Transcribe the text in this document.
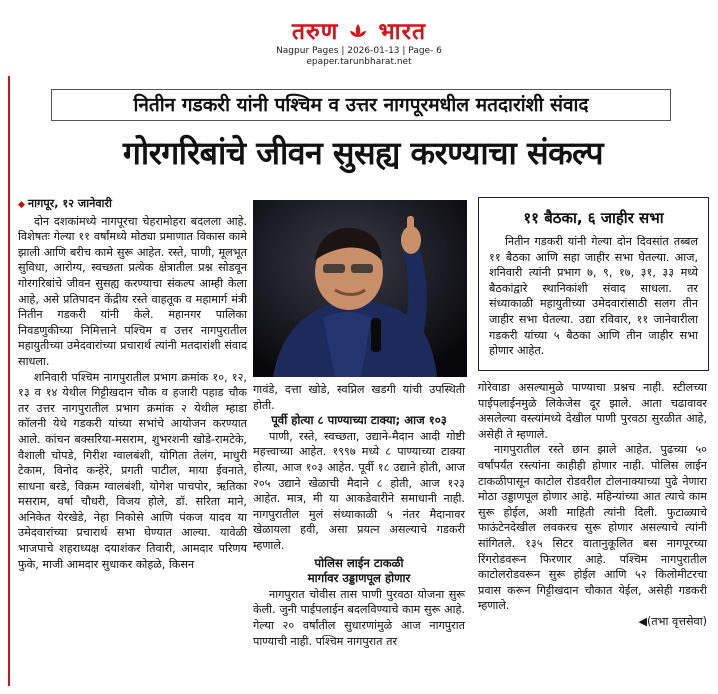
तरुण भारत
Nagpur Pages | 2026-01-13 | Page- 6
epaper.tarunbharat.net
नितीन गडकरी यांनी पश्चिम व उत्तर नागपूरमधील मतदारांशी संवाद
गोरगरिबांचे जीवन सुसह्य करण्याचा संकल्प

◆ नागपूर, १२ जानेवारी

दोन दशकांमध्ये नागपूरचा चेहरामोहरा बदलला आहे. विशेषतः गेल्या ११ वर्षांमध्ये मोठ्या प्रमाणात विकास कामे झाली आणि बरीच कामे सुरू आहेत. रस्ते, पाणी, मूलभूत सुविधा, आरोग्य, स्वच्छता प्रत्येक क्षेत्रातील प्रश्न सोडवून गोरगरिबांचे जीवन सुसह्य करण्याचा संकल्प आम्ही केला आहे, असे प्रतिपादन केंद्रीय रस्ते वाहतूक व महामार्ग मंत्री नितीन गडकरी यांनी केले. महानगर पालिका निवडणुकीच्या निमित्ताने पश्चिम व उत्तर नागपुरातील महायुतीच्या उमेदवारांच्या प्रचारार्थ त्यांनी मतदारांशी संवाद साधला.

शनिवारी पश्चिम नागपुरातील प्रभाग क्रमांक १०, १२, १३ व १४ येथील गिट्टीखदान चौक व हजारी पहाड चौक तर उत्तर नागपुरातील प्रभाग क्रमांक २ येथील म्हाडा कॉलनी येथे गडकरी यांच्या सभांचे आयोजन करण्यात आले. कांचन बक्सरिया-मसराम, शुभरशनी खोडे-रामटेके, वैशाली चोपडे, गिरीश ग्वालबंशी, योगिता तेलंग, माधुरी टेकाम, विनोद कन्हेरे, प्रगती पाटील, माया ईवनाते, साधना बरडे, विक्रम ग्वालबंशी, योगेश पाचपोर, ऋतिका मसराम, वर्षा चौधरी, विजय होले, डॉ. सरिता माने, अनिकेत येरखेडे, नेहा निकोसे आणि पंकज यादव या उमेदवारांच्या प्रचारार्थ सभा घेण्यात आल्या. यावेळी भाजपाचे शहराध्यक्ष दयाशंकर तिवारी, आमदार परिणय फुके, माजी आमदार सुधाकर कोहळे, किसन

गावंडे, दत्ता खोडे, स्वप्निल खडगी यांची उपस्थिती होती.

पूर्वी होत्या ८ पाण्याच्या टाक्या; आज १०३

पाणी, रस्ते, स्वच्छता, उद्याने-मैदान आदी गोष्टी महत्त्वाच्या आहेत. १९९७ मध्ये ८ पाण्याच्या टाक्या होत्या, आज १०३ आहेत. पूर्वी १८ उद्याने होती, आज २०५ उद्याने खेळाची मैदाने ८ होती, आज १२३ आहेत. मात्र, मी या आकडेवारीने समाधानी नाही. नागपुरातील मुलं संध्याकाळी ५ नंतर मैदानावर खेळायला हवी, असा प्रयत्न असल्याचे गडकरी म्हणाले.

पोलिस लाईन टाकळी

मार्गावर उड्डाणपूल होणार

नागपुरात चोवीस तास पाणी पुरवठा योजना सुरू केली. जुनी पाईपलाईन बदलविण्याचे काम सुरू आहे. गेल्या २० वर्षांतील सुधारणांमुळे आज नागपुरात पाण्याची नाही. पश्चिम नागपुरात तर

११ बैठका, ६ जाहीर सभा

नितीन गडकरी यांनी गेल्या दोन दिवसांत तब्बल ११ बैठका आणि सहा जाहीर सभा घेतल्या. आज, शनिवारी त्यांनी प्रभाग ७, ९, १७, ३१, ३३ मध्ये बैठकांद्वारे स्थानिकांशी संवाद साधला. तर संध्याकाळी महायुतीच्या उमेदवारांसाठी सलग तीन जाहीर सभा घेतल्या. उद्या रविवार, ११ जानेवारीला गडकरी यांच्या ५ बैठका आणि तीन जाहीर सभा होणार आहेत.

गोरेवाडा असल्यामुळे पाण्याचा प्रश्नच नाही. स्टीलच्या पाईपलाईनमुळे लिकेजेस दूर झाले. आता चढावावर असलेल्या वस्त्यांमध्ये देखील पाणी पुरवठा सुरळीत आहे, असेही ते म्हणाले.

नागपुरातील रस्ते छान झाले आहेत. पुढच्या ५० वर्षांपर्यंत रस्त्यांना काहीही होणार नाही. पोलिस लाईन टाकळीपासून काटोल रोडवरील टोलनाक्याच्या पुढे नेणारा मोठा उड्डाणपूल होणार आहे. महिन्यांच्या आत त्याचे काम सुरू होईल, अशी माहिती त्यांनी दिली. फुटाळ्याचे फाऊंटेनदेखील लवकरच सुरू होणार असल्याचे त्यांनी सांगितले. १३५ सिटर वातानुकूलित बस नागपूरच्या रिंगरोडवरून फिरणार आहे. पश्चिम नागपुरातील काटोलरोडवरून सुरू होईल आणि ५२ किलोमीटरचा प्रवास करून गिट्टीखदान चौकात येईल, असेही गडकरी म्हणाले.

◀(तभा वृत्तसेवा)
